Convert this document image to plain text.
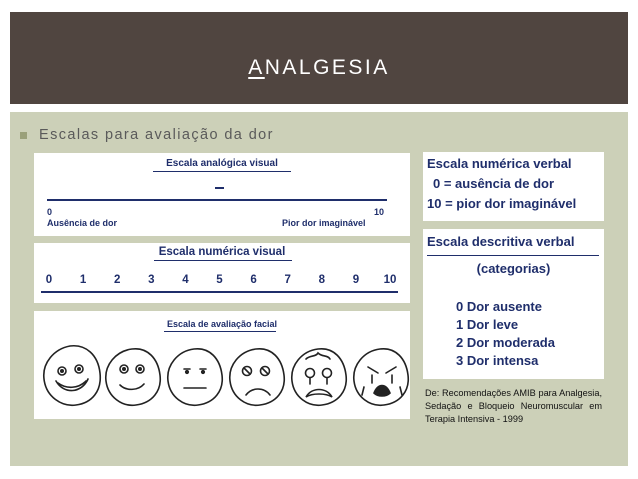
ANALGESIA
Escalas para avaliação da dor
Escala analógica visual
0	10
Ausência de dor	Pior dor imaginável
Escala numérica visual
0	1	2	3	4	5	6	7	8	9	10
Escala de avaliação facial
Escala numérica verbal
0 = ausência de dor
10 = pior dor imaginável
Escala descritiva verbal
(categorias)
0 Dor ausente
1 Dor leve
2 Dor moderada
3 Dor intensa
De: Recomendações AMIB para Analgesia, Sedação e Bloqueio Neuromuscular em Terapia Intensiva - 1999
